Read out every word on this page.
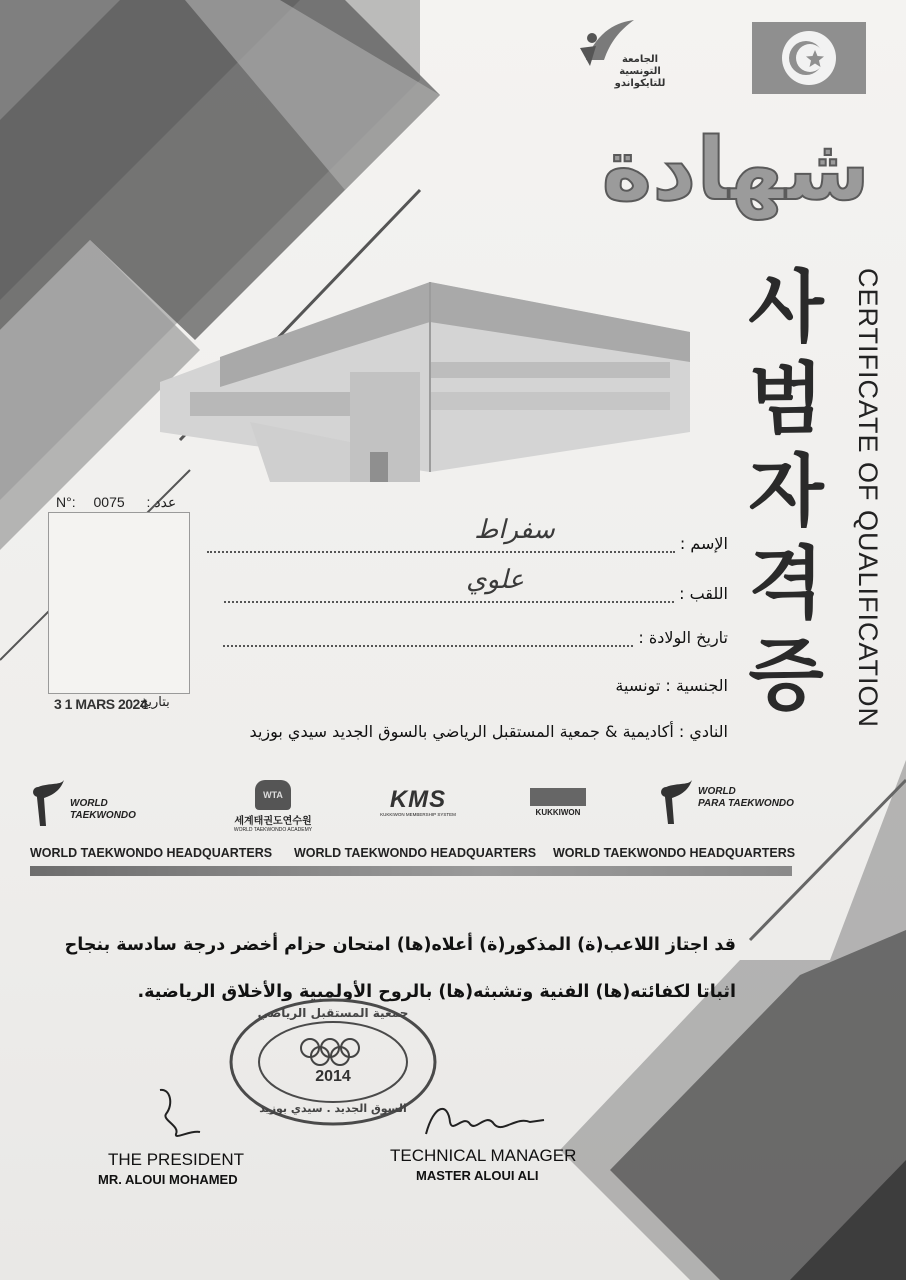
الجامعة
التونسية
للتايكواندو
شهادة
사
범
자
격
증	CERTIFICATE OF QUALIFICATION
N°: 0075 : عدد
3 1 MARS 2024
بتاريخ
الإسم :
سفراط
اللقب :
علوي
تاريخ الولادة :
الجنسية : تونسية
النادي : أكاديمية & جمعية المستقبل الرياضي بالسوق الجديد سيدي بوزيد
WORLD
TAEKWONDO
WTA
세계태권도연수원
WORLD TAEKWONDO ACADEMY
KMS
KUKKIWON MEMBERSHIP SYSTEM	KUKKIWON
WORLD
PARA TAEKWONDO
WORLD TAEKWONDO HEADQUARTERS WORLD TAEKWONDO HEADQUARTERS WORLD TAEKWONDO HEADQUARTERS
قد اجتاز اللاعب(ة) المذكور(ة) أعلاه(ها) امتحان حزام أخضر درجة سادسة بنجاح
اثباتا لكفائته(ها) الفنية وتشبثه(ها) بالروح الأولمبية والأخلاق الرياضية.
جمعية المستقبل الرياضي
2014
السوق الجديد . سيدي بوزيد
THE PRESIDENT
MR. ALOUI MOHAMED
TECHNICAL MANAGER
MASTER ALOUI ALI
